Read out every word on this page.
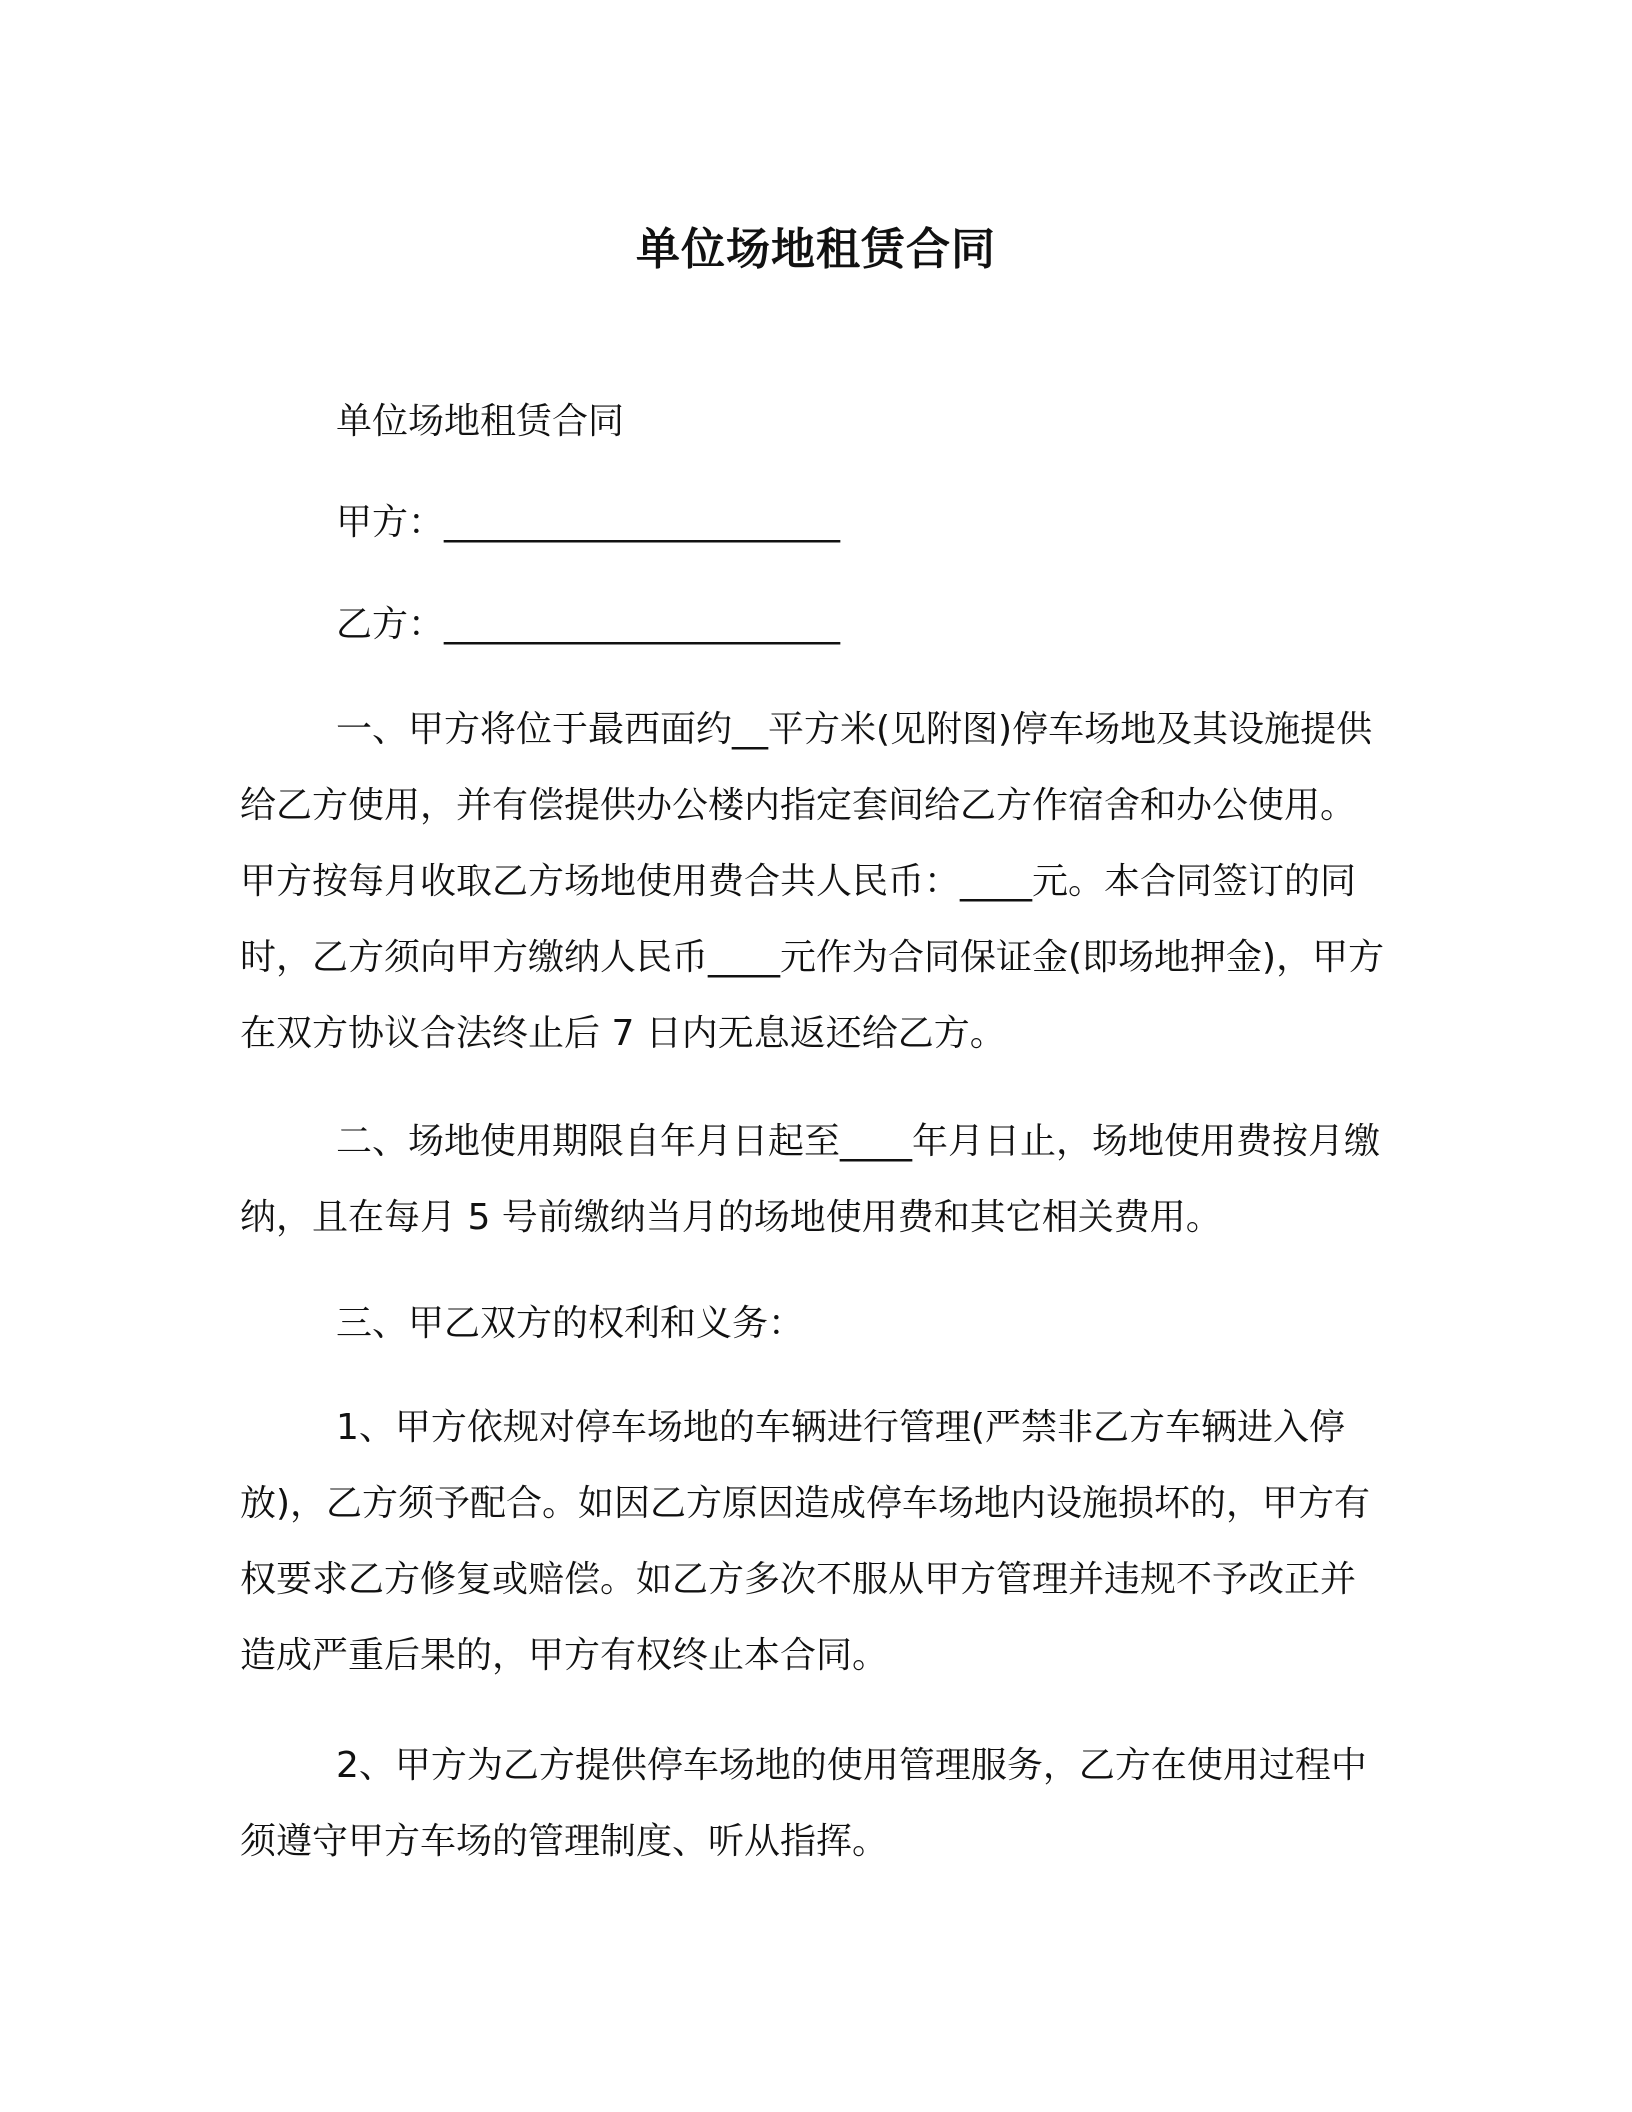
单位场地租赁合同

单位场地租赁合同

甲方：______________________

乙方：______________________

一、甲方将位于最西面约__平方米(见附图)停车场地及其设施提供给乙方使用，并有偿提供办公楼内指定套间给乙方作宿舍和办公使用。甲方按每月收取乙方场地使用费合共人民币：____元。本合同签订的同时，乙方须向甲方缴纳人民币____元作为合同保证金(即场地押金)，甲方在双方协议合法终止后 7 日内无息返还给乙方。

二、场地使用期限自年月日起至____年月日止，场地使用费按月缴纳，且在每月 5 号前缴纳当月的场地使用费和其它相关费用。

三、甲乙双方的权利和义务：

1、甲方依规对停车场地的车辆进行管理(严禁非乙方车辆进入停放)，乙方须予配合。如因乙方原因造成停车场地内设施损坏的，甲方有权要求乙方修复或赔偿。如乙方多次不服从甲方管理并违规不予改正并造成严重后果的，甲方有权终止本合同。

2、甲方为乙方提供停车场地的使用管理服务，乙方在使用过程中须遵守甲方车场的管理制度、听从指挥。
